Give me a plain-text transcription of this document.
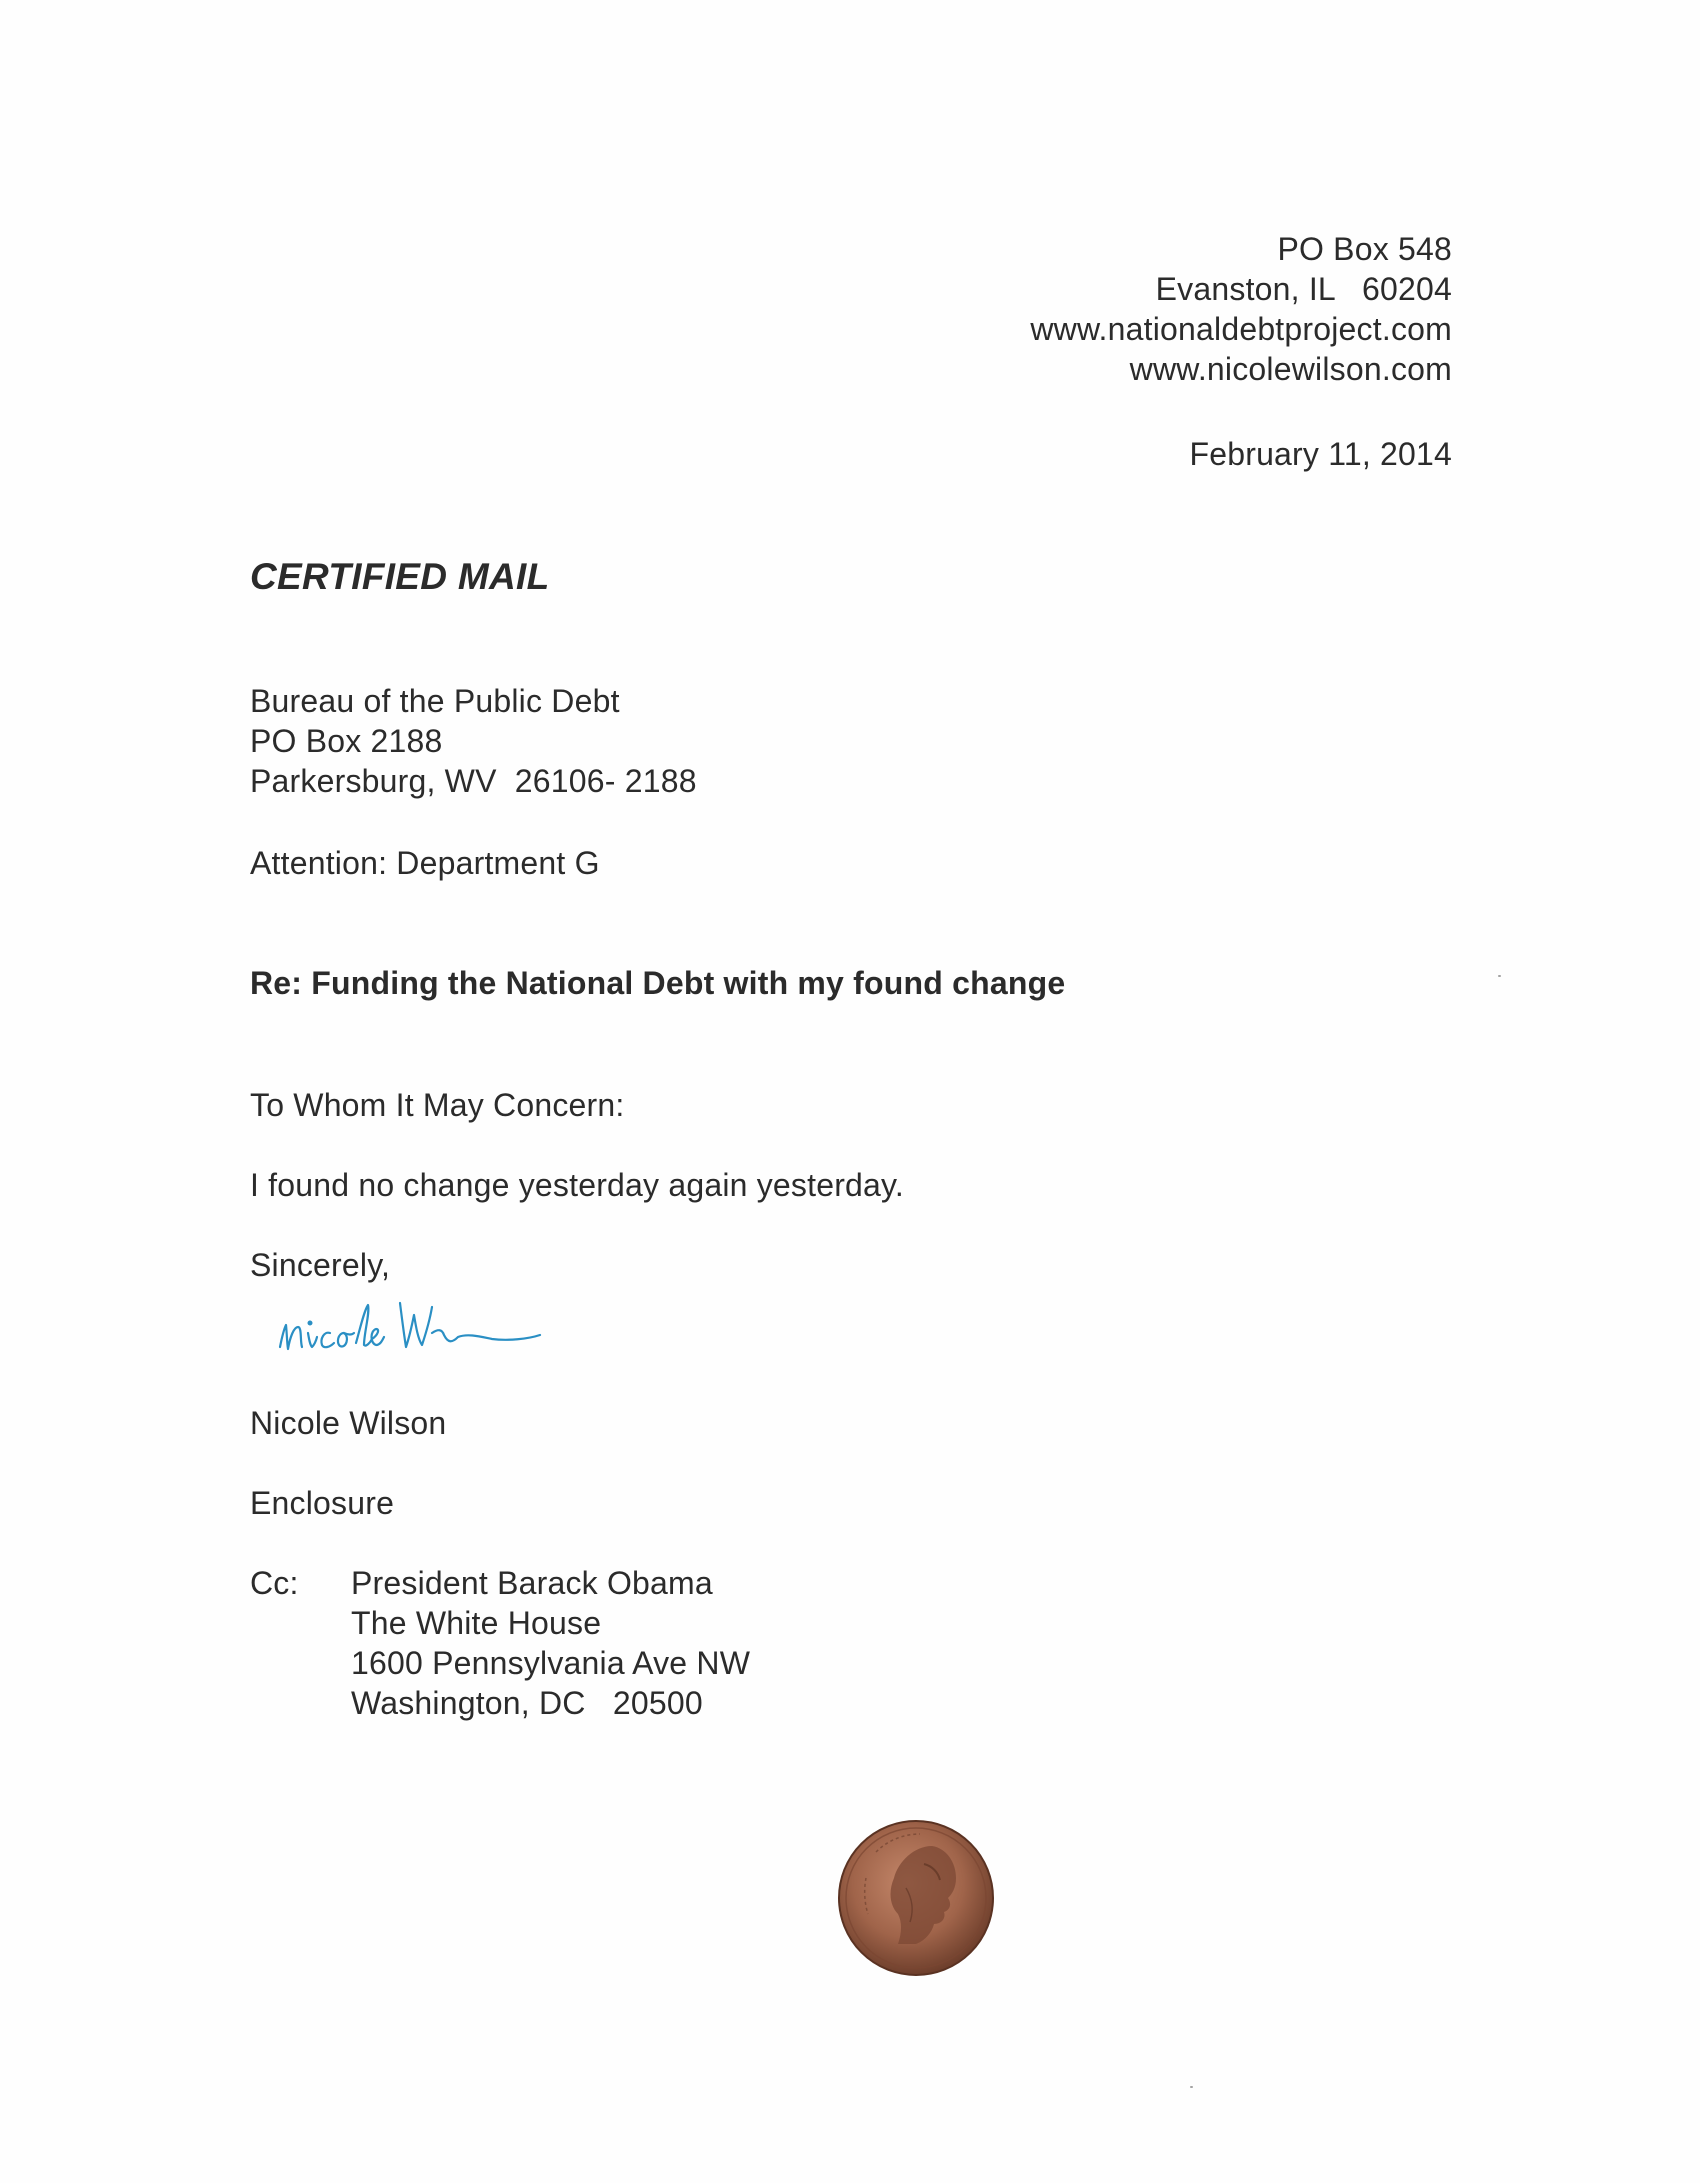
PO Box 548
Evanston, IL   60204
www.nationaldebtproject.com
www.nicolewilson.com
February 11, 2014
CERTIFIED MAIL
Bureau of the Public Debt
PO Box 2188
Parkersburg, WV  26106- 2188
Attention: Department G
Re: Funding the National Debt with my found change
To Whom It May Concern:
I found no change yesterday again yesterday.
Sincerely,
Nicole Wilson
Enclosure
Cc: President Barack Obama
The White House
1600 Pennsylvania Ave NW
Washington, DC   20500
